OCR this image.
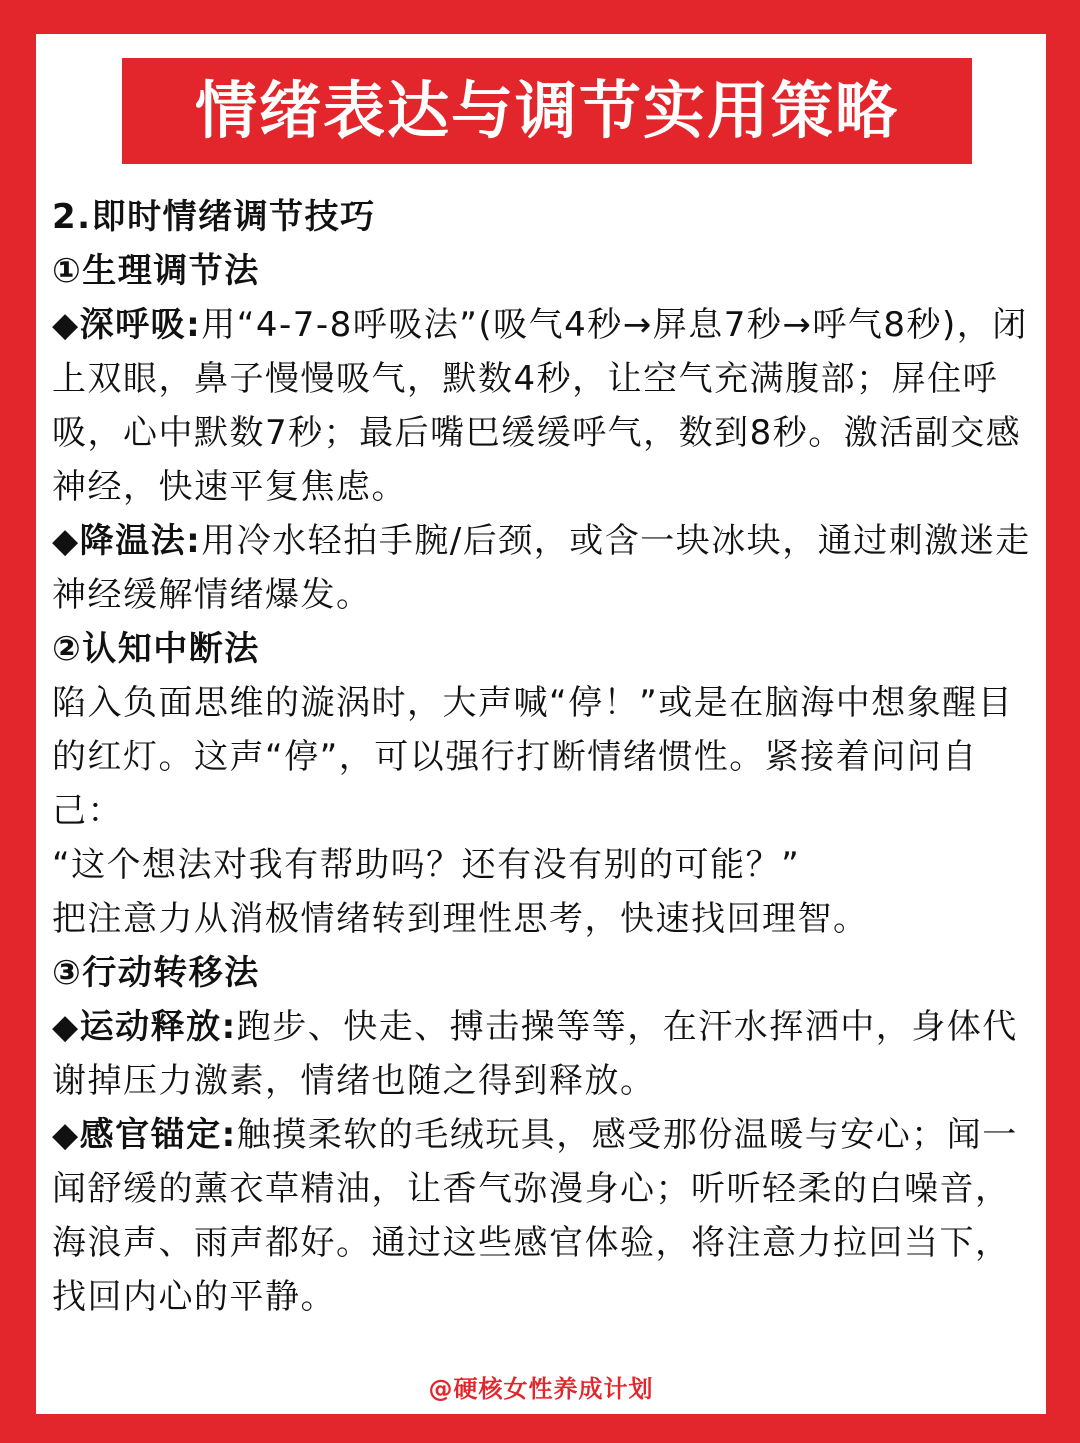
情绪表达与调节实用策略

2.即时情绪调节技巧

①生理调节法

◆深呼吸:用“4-7-8呼吸法”(吸气4秒→屏息7秒→呼气8秒)，闭上双眼，鼻子慢慢吸气，默数4秒，让空气充满腹部；屏住呼吸，心中默数7秒；最后嘴巴缓缓呼气，数到8秒。激活副交感神经，快速平复焦虑。

◆降温法:用冷水轻拍手腕/后颈，或含一块冰块，通过刺激迷走神经缓解情绪爆发。

②认知中断法

陷入负面思维的漩涡时，大声喊“停！”或是在脑海中想象醒目的红灯。这声“停”，可以强行打断情绪惯性。紧接着问问自己：

“这个想法对我有帮助吗？还有没有别的可能？”

把注意力从消极情绪转到理性思考，快速找回理智。

③行动转移法

◆运动释放:跑步、快走、搏击操等等，在汗水挥洒中，身体代谢掉压力激素，情绪也随之得到释放。

◆感官锚定:触摸柔软的毛绒玩具，感受那份温暖与安心；闻一闻舒缓的薰衣草精油，让香气弥漫身心；听听轻柔的白噪音，海浪声、雨声都好。通过这些感官体验，将注意力拉回当下，找回内心的平静。

@硬核女性养成计划
